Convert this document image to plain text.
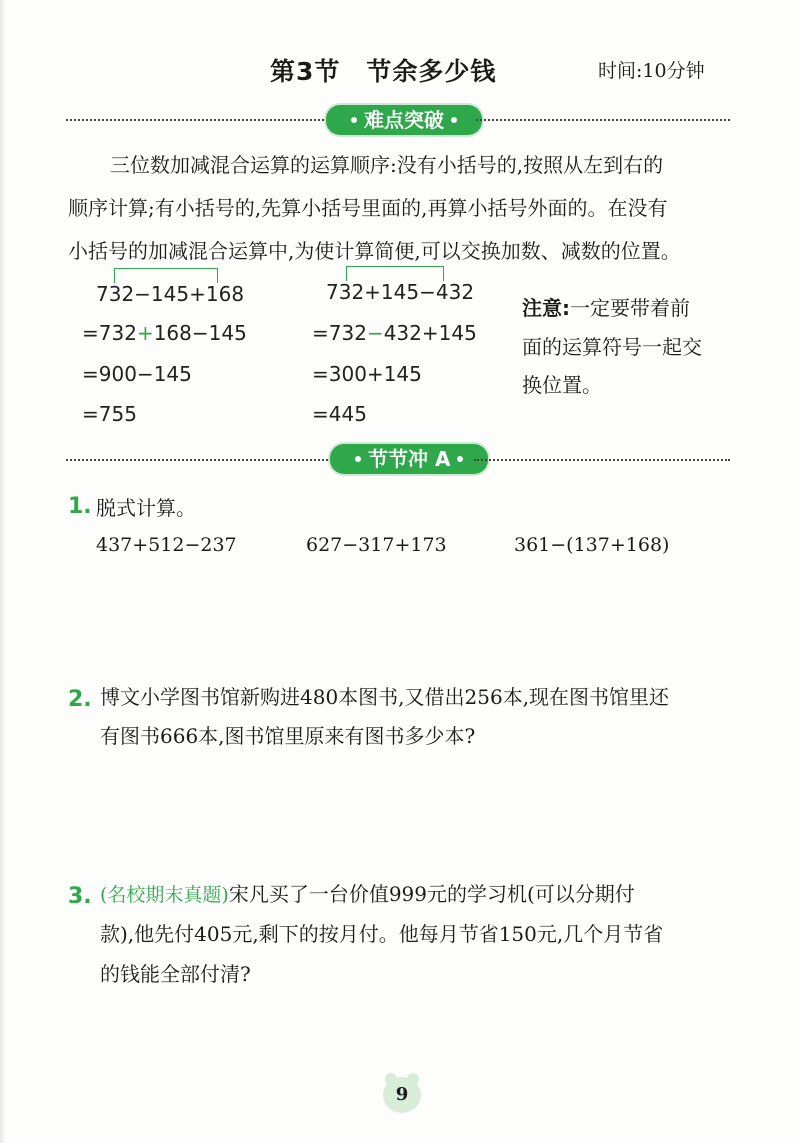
第3节　节余多少钱	时间:10分钟
难点突破
三位数加减混合运算的运算顺序:没有小括号的,按照从左到右的
顺序计算;有小括号的,先算小括号里面的,再算小括号外面的。在没有
小括号的加减混合运算中,为使计算简便,可以交换加数、减数的位置。
732−145+168
=732+168−145
=900−145
=755
732+145−432
=732−432+145
=300+145
=445
注意:一定要带着前
面的运算符号一起交
换位置。
节节冲 A
1. 脱式计算。
437+512−237	627−317+173	361−(137+168)
2. 博文小学图书馆新购进480本图书,又借出256本,现在图书馆里还
有图书666本,图书馆里原来有图书多少本?
3. (名校期末真题)宋凡买了一台价值999元的学习机(可以分期付
款),他先付405元,剩下的按月付。他每月节省150元,几个月节省
的钱能全部付清?
9
